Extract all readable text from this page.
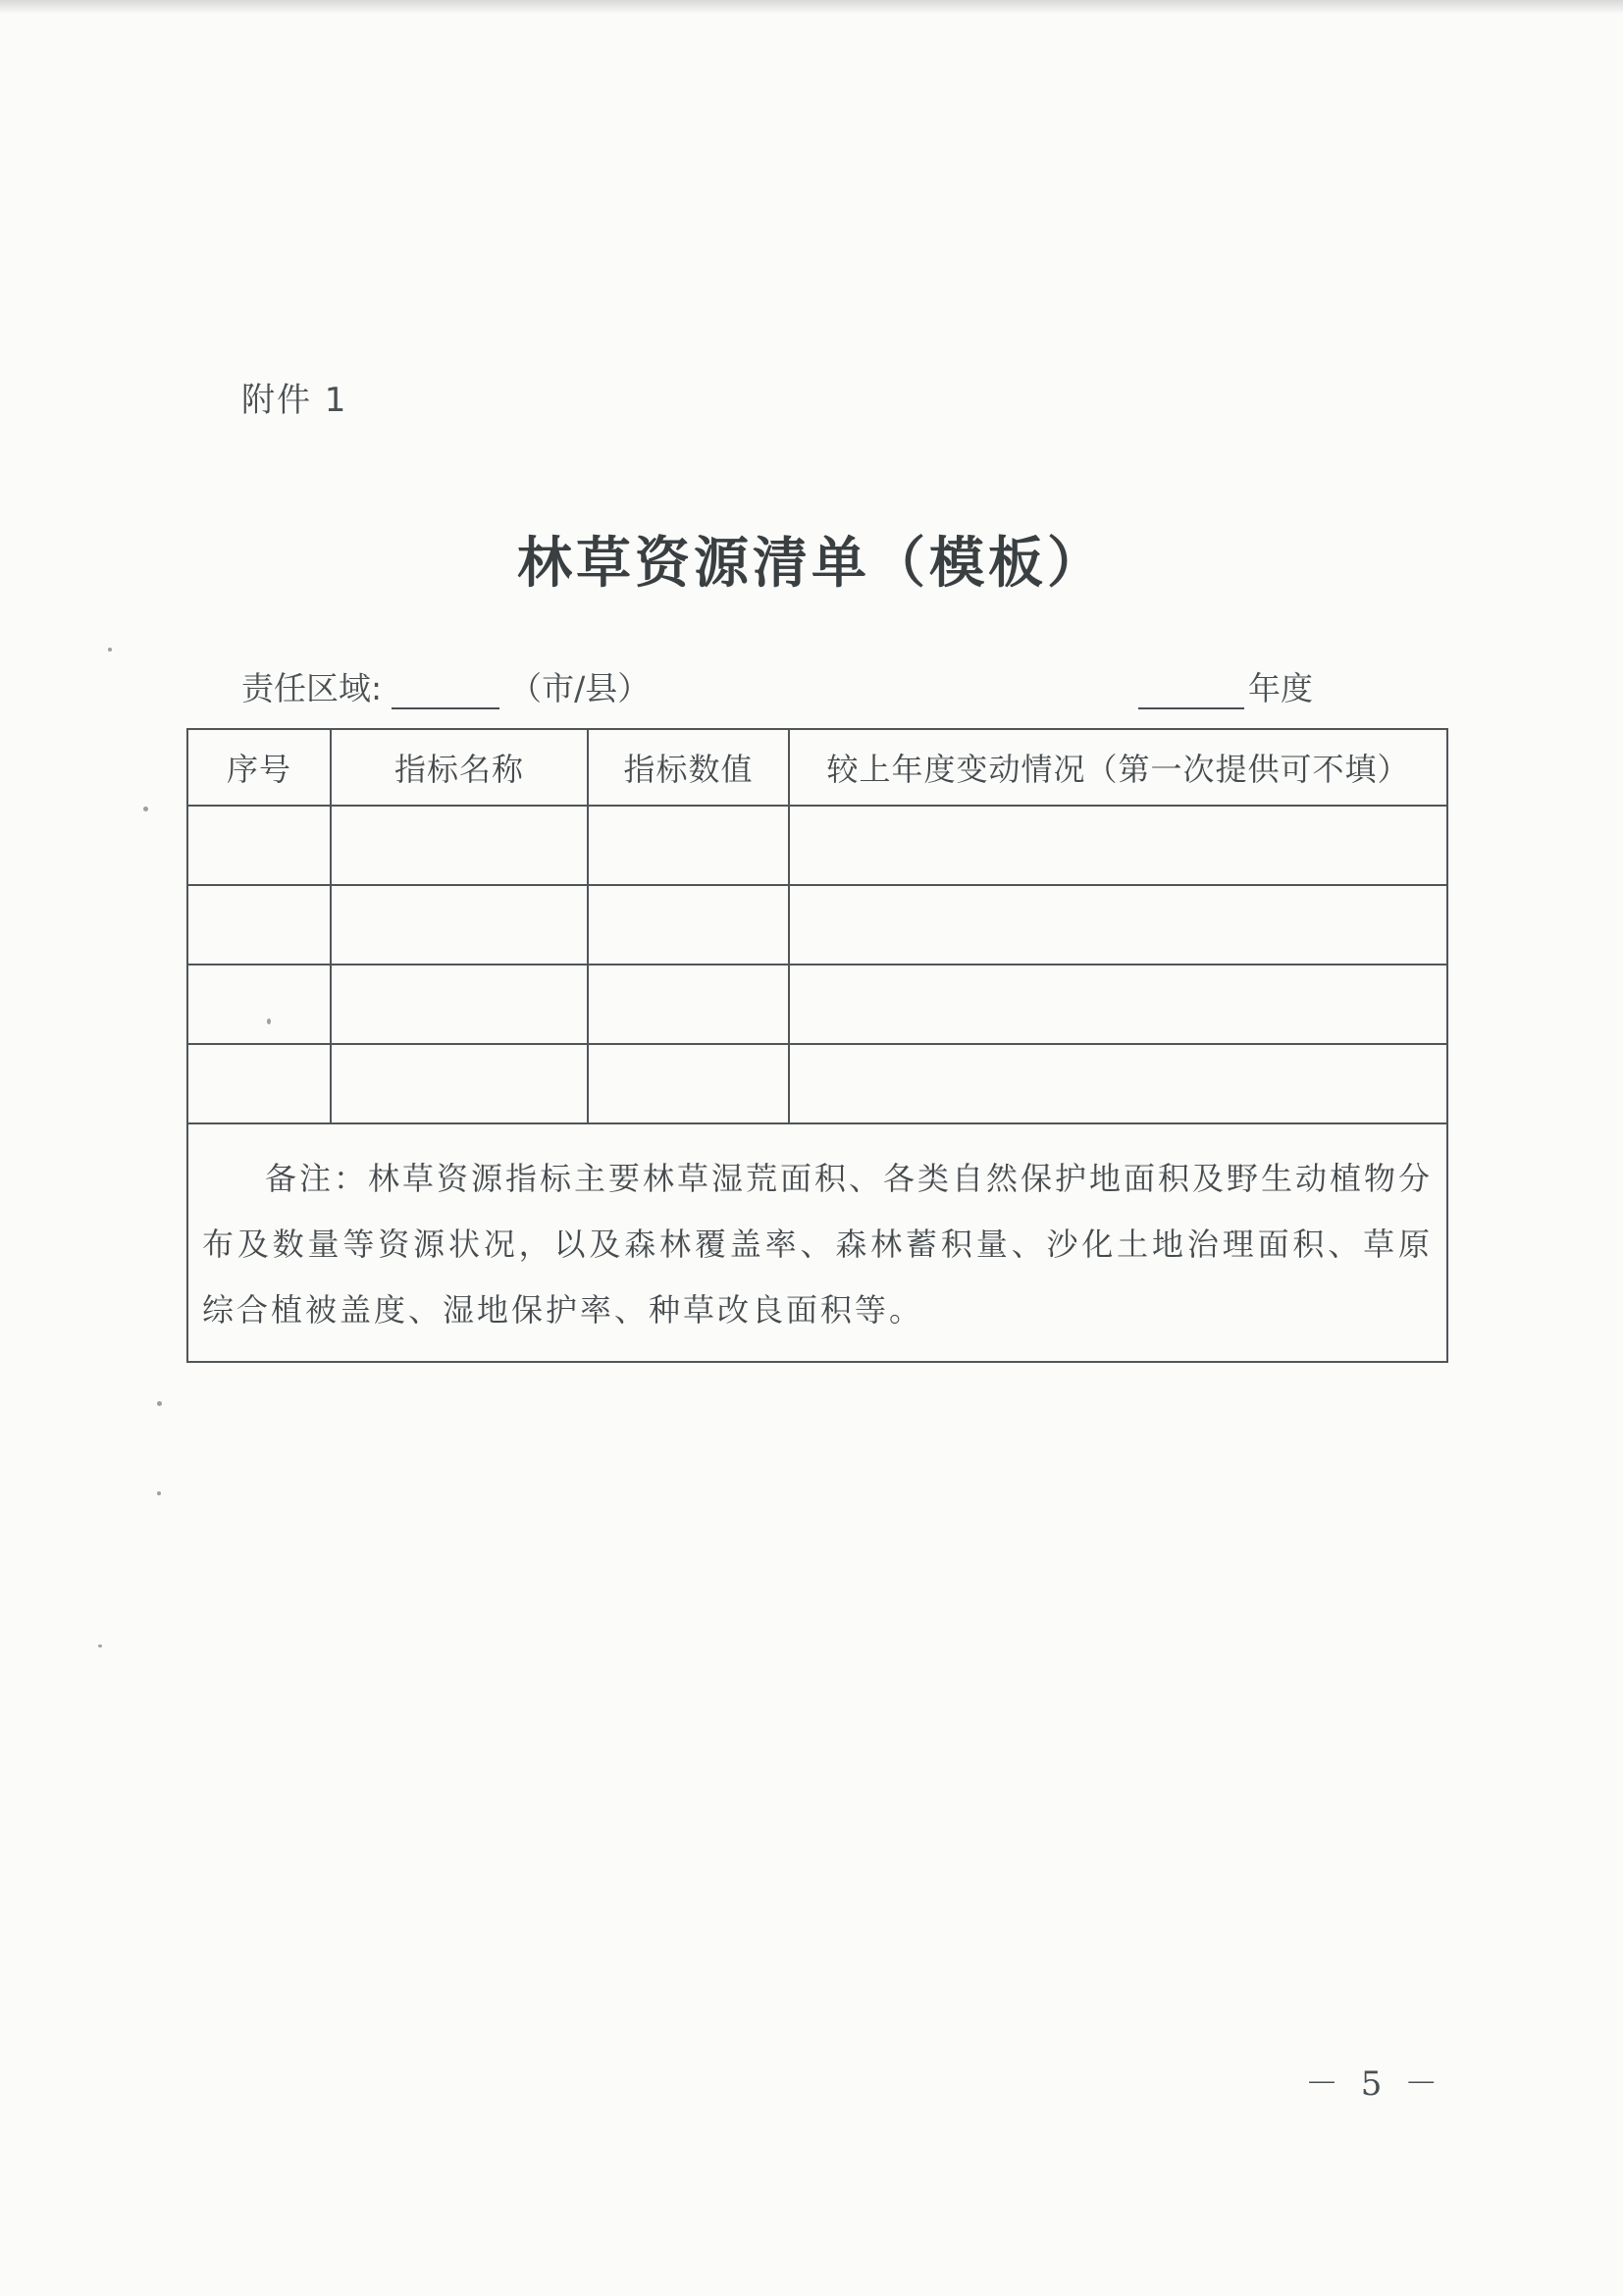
附件 1
林草资源清单（模板）
责任区域:	（市/县）	年度
序号	指标名称	指标数值	较上年度变动情况（第一次提供可不填）

备注：林草资源指标主要林草湿荒面积、各类自然保护地面积及野生动植物分布及数量等资源状况，以及森林覆盖率、森林蓄积量、沙化土地治理面积、草原综合植被盖度、湿地保护率、种草改良面积等。			
－ 5 －
